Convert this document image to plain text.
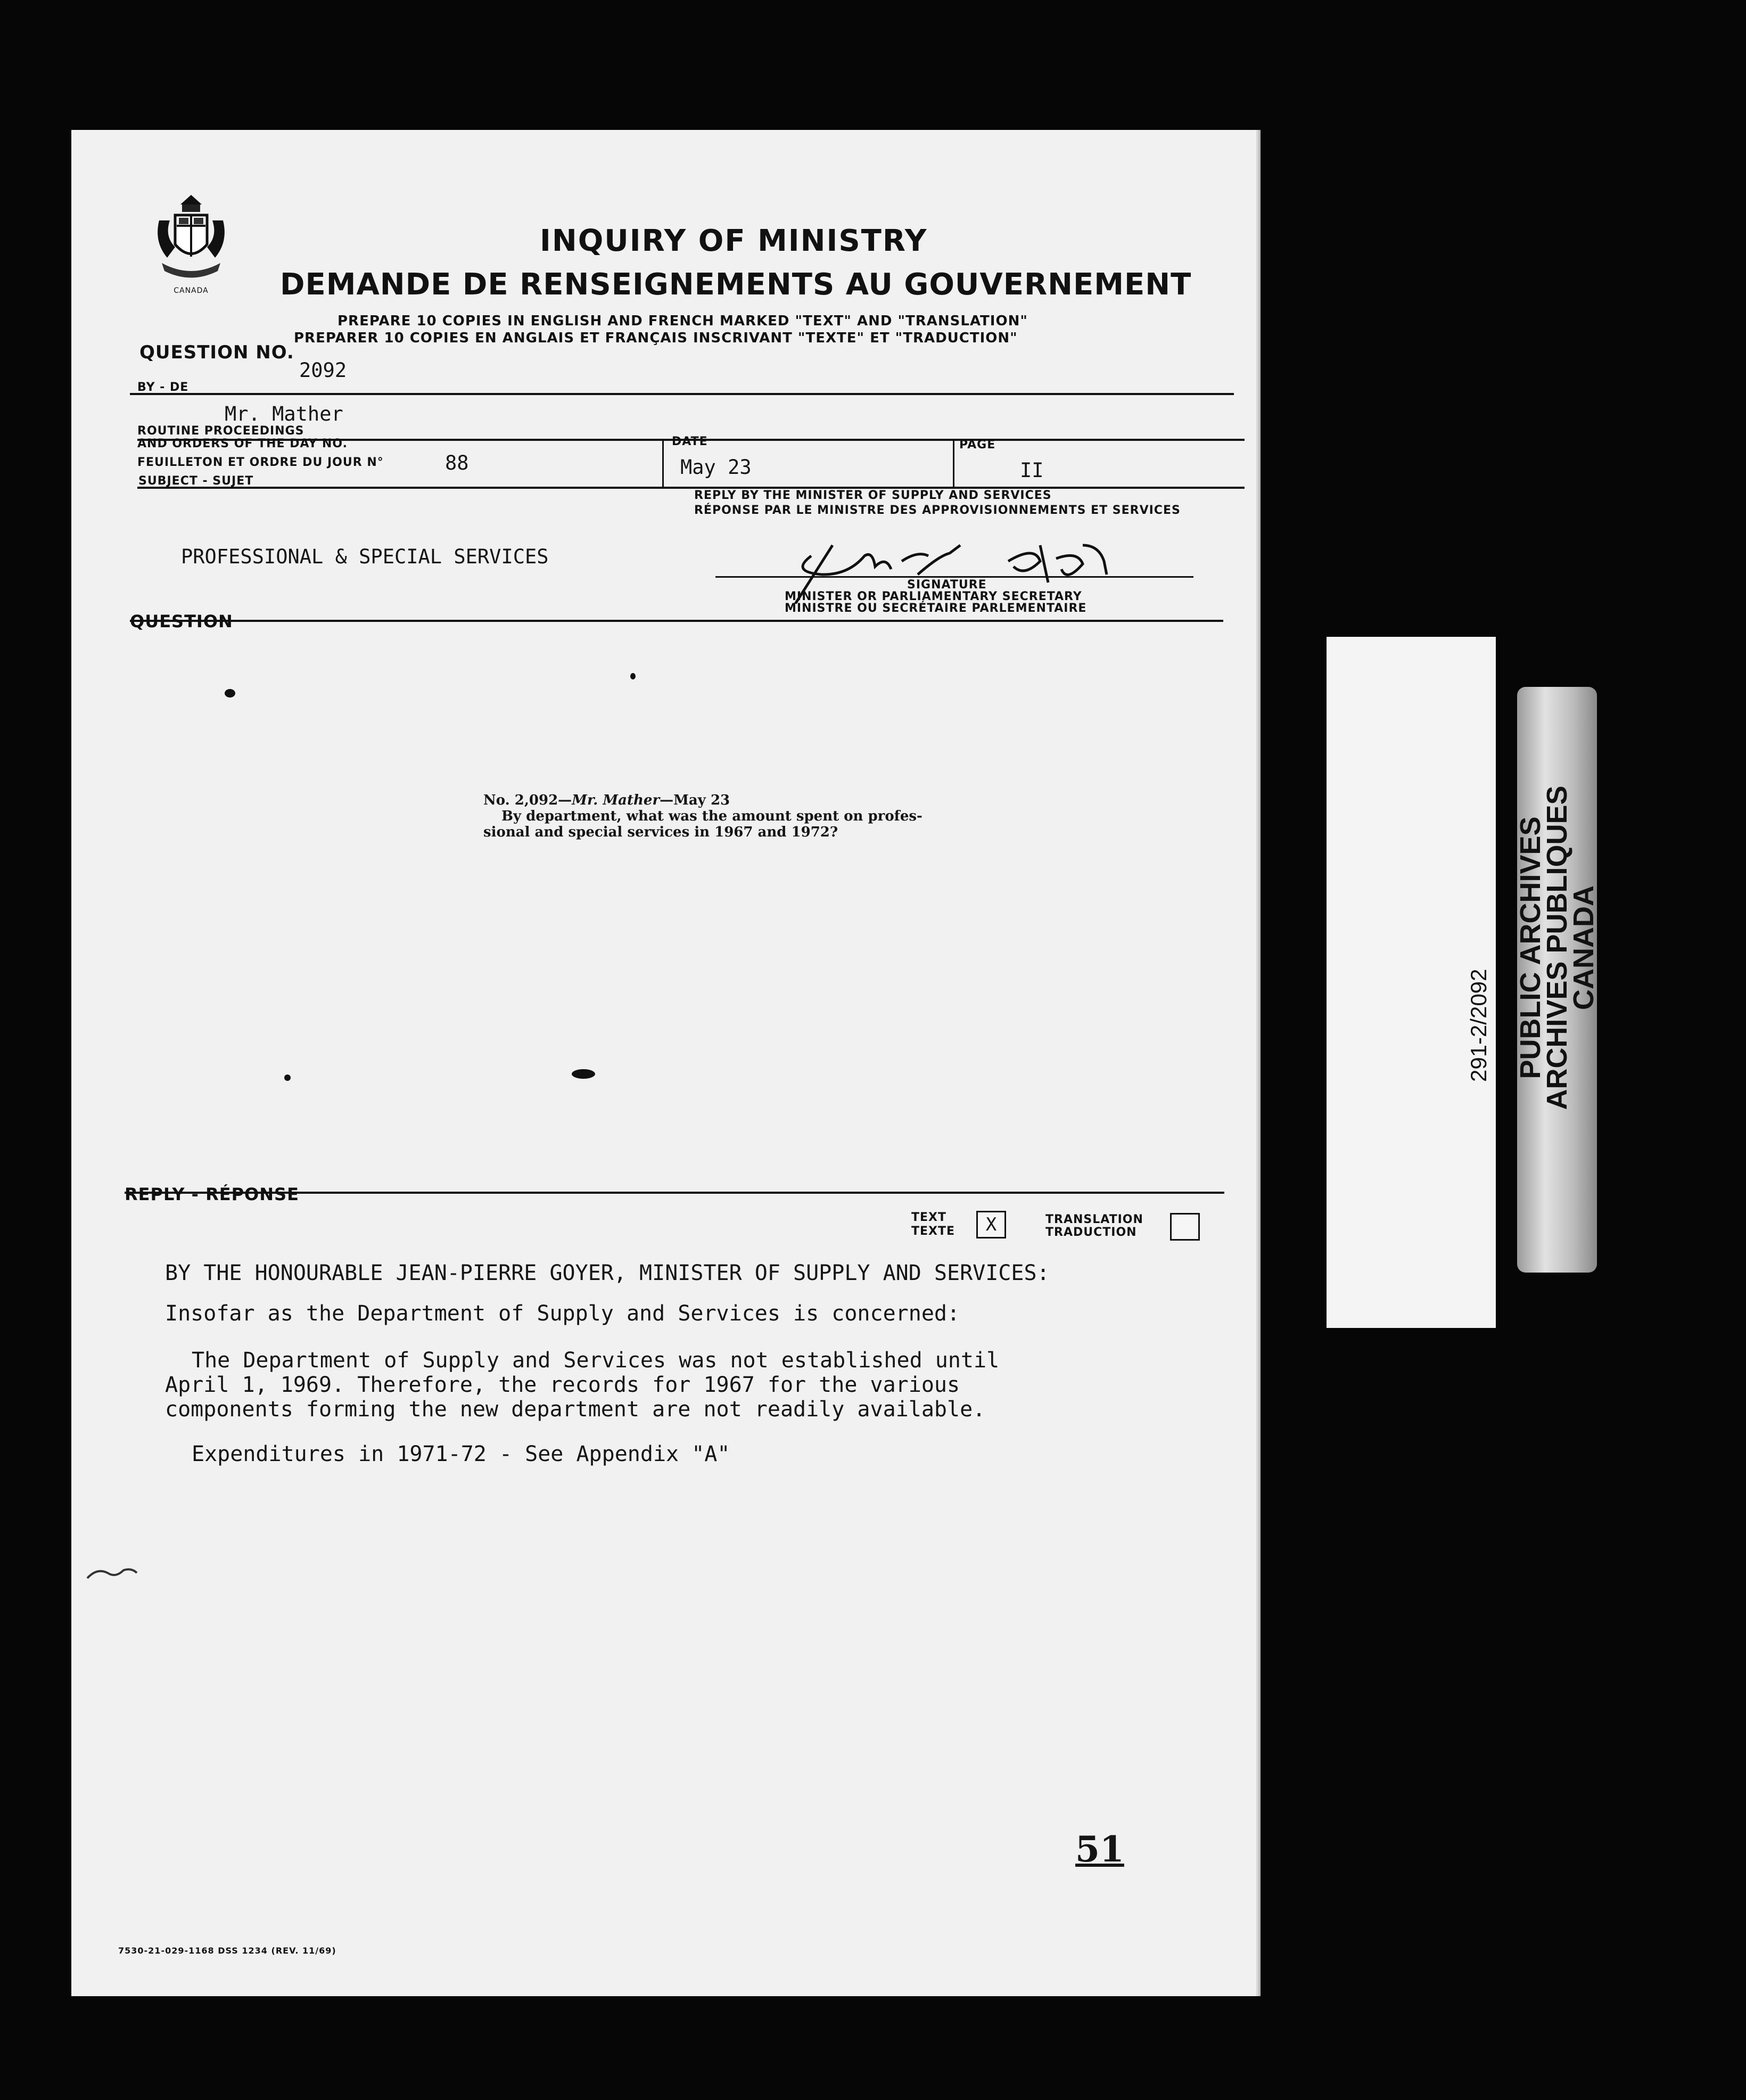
CANADA
INQUIRY OF MINISTRY
DEMANDE DE RENSEIGNEMENTS AU GOUVERNEMENT
PREPARE 10 COPIES IN ENGLISH AND FRENCH MARKED "TEXT" AND "TRANSLATION"
PREPARER 10 COPIES EN ANGLAIS ET FRANÇAIS INSCRIVANT "TEXTE" ET "TRADUCTION"
QUESTION NO.
2092
BY - DE
Mr. Mather
ROUTINE PROCEEDINGS
AND ORDERS OF THE DAY NO.
FEUILLETON ET ORDRE DU JOUR N°	88
DATE
May 23
PAGE
II
SUBJECT - SUJET
REPLY BY THE MINISTER OF SUPPLY AND SERVICES
RÉPONSE PAR LE MINISTRE DES APPROVISIONNEMENTS ET SERVICES
PROFESSIONAL & SPECIAL SERVICES
SIGNATURE
MINISTER OR PARLIAMENTARY SECRETARY
MINISTRE OU SECRÉTAIRE PARLEMENTAIRE
QUESTION
No. 2,092—Mr. Mather—May 23
By department, what was the amount spent on profes-
sional and special services in 1967 and 1972?
REPLY - RÉPONSE
TEXT
TEXTE	X	TRANSLATION
TRADUCTION
BY THE HONOURABLE JEAN-PIERRE GOYER, MINISTER OF SUPPLY AND SERVICES:
Insofar as the Department of Supply and Services is concerned:
The Department of Supply and Services was not established until
April 1, 1969. Therefore, the records for 1967 for the various
components forming the new department are not readily available.
Expenditures in 1971-72 - See Appendix "A"
51
7530-21-029-1168 DSS 1234 (REV. 11/69)
291-2/2092 PUBLIC ARCHIVES
ARCHIVES PUBLIQUES
CANADA
